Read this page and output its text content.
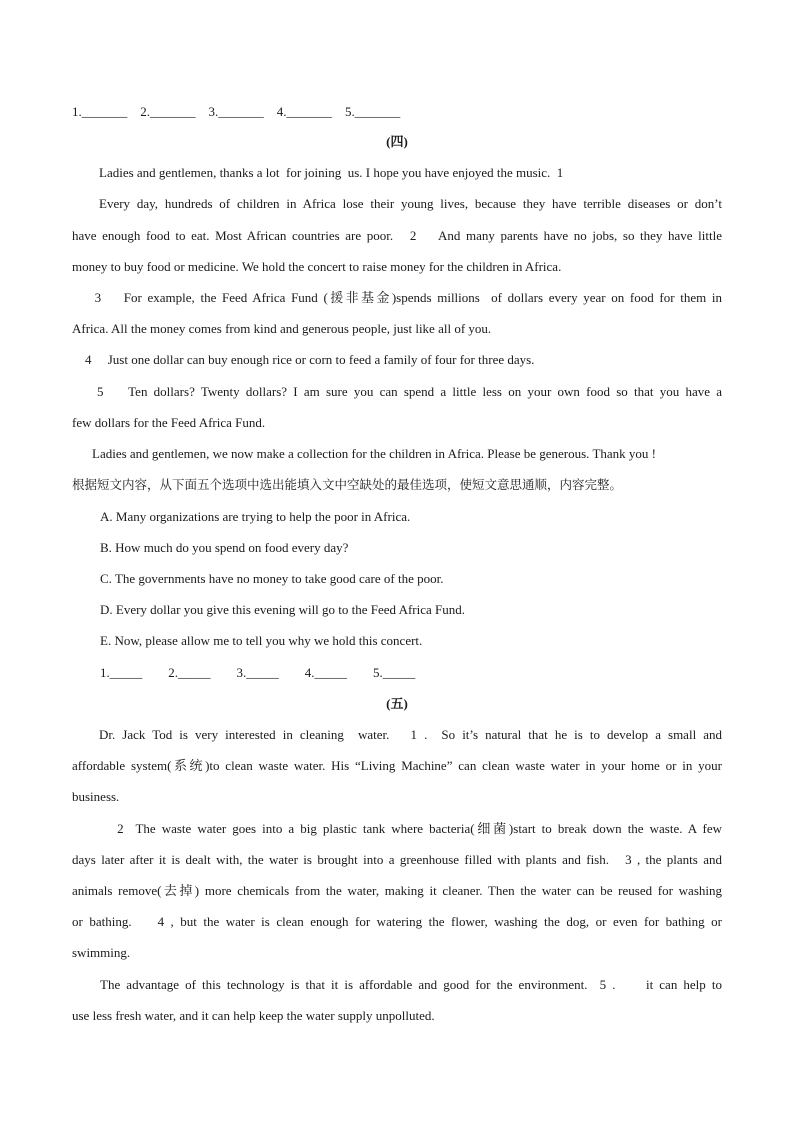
1._______    2._______    3._______    4._______    5._______
(四)
Ladies and gentlemen, thanks a lot  for joining  us. I hope you have enjoyed the music.  1
Every day, hundreds of children in Africa lose their young lives, because they have terrible diseases or don’t
have enough food to eat. Most African countries are poor.   2    And many parents have no jobs, so they have little
money to buy food or medicine. We hold the concert to raise money for the children in Africa.
3    For example, the Feed Africa Fund (援非基金)spends millions  of dollars every year on food for them in
Africa. All the money comes from kind and generous people, just like all of you.
4     Just one dollar can buy enough rice or corn to feed a family of four for three days.
5    Ten dollars? Twenty dollars? I am sure you can spend a little less on your own food so that you have a
few dollars for the Feed Africa Fund.
Ladies and gentlemen, we now make a collection for the children in Africa. Please be generous. Thank you !
根据短文内容，从下面五个选项中选出能填入文中空缺处的最佳选项，使短文意思通顺，内容完整。
A. Many organizations are trying to help the poor in Africa.
B. How much do you spend on food every day?
C. The governments have no money to take good care of the poor.
D. Every dollar you give this evening will go to the Feed Africa Fund.
E. Now, please allow me to tell you why we hold this concert.
1._____        2._____        3._____        4._____        5._____
(五)
Dr. Jack Tod is very interested in cleaning  water.   1 .  So it’s natural that he is to develop a small and
affordable system(系统)to clean waste water. His “Living Machine” can clean waste water in your home or in your
business.
2  The waste water goes into a big plastic tank where bacteria(细菌)start to break down the waste. A few
days later after it is dealt with, the water is brought into a greenhouse filled with plants and fish.   3 , the plants and
animals remove(去掉) more chemicals from the water, making it cleaner. Then the water can be reused for washing
or bathing.    4 , but the water is clean enough for watering the flower, washing the dog, or even for bathing or
swimming.
The advantage of this technology is that it is affordable and good for the environment.  5 .     it can help to
use less fresh water, and it can help keep the water supply unpolluted.
